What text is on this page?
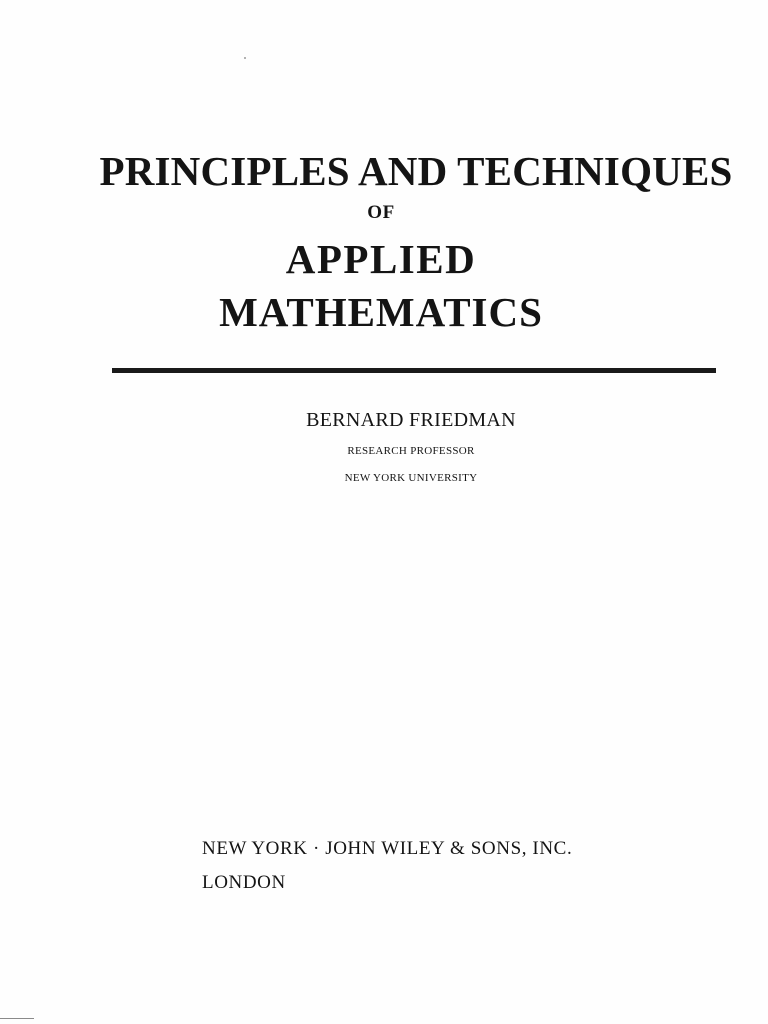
PRINCIPLES AND TECHNIQUES
OF
APPLIED
MATHEMATICS
BERNARD FRIEDMAN
RESEARCH PROFESSOR
NEW YORK UNIVERSITY
NEW YORK · JOHN WILEY & SONS, INC.
LONDON
